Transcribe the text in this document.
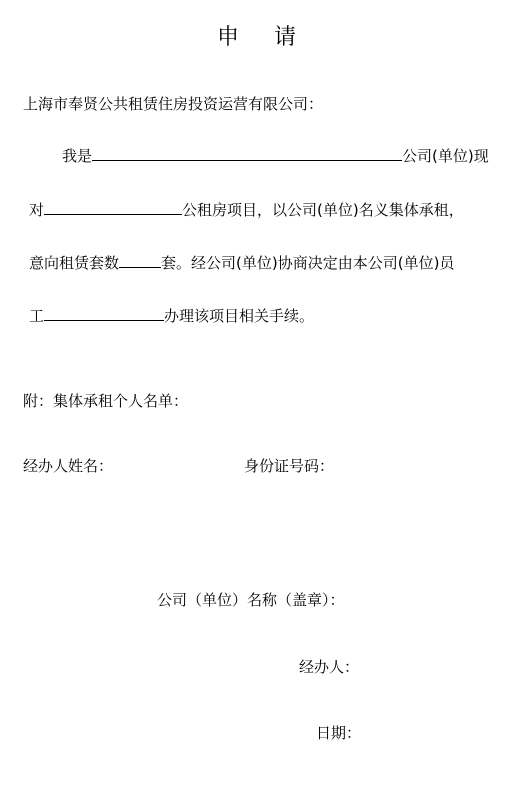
申 请
上海市奉贤公共租赁住房投资运营有限公司：
我是	公司(单位)现
对	公租房项目，以公司(单位)名义集体承租，
意向租赁套数	套。经公司(单位)协商决定由本公司(单位)员
工	办理该项目相关手续。
附：集体承租个人名单：
经办人姓名：	身份证号码：
公司（单位）名称（盖章）：
经办人：
日期：
